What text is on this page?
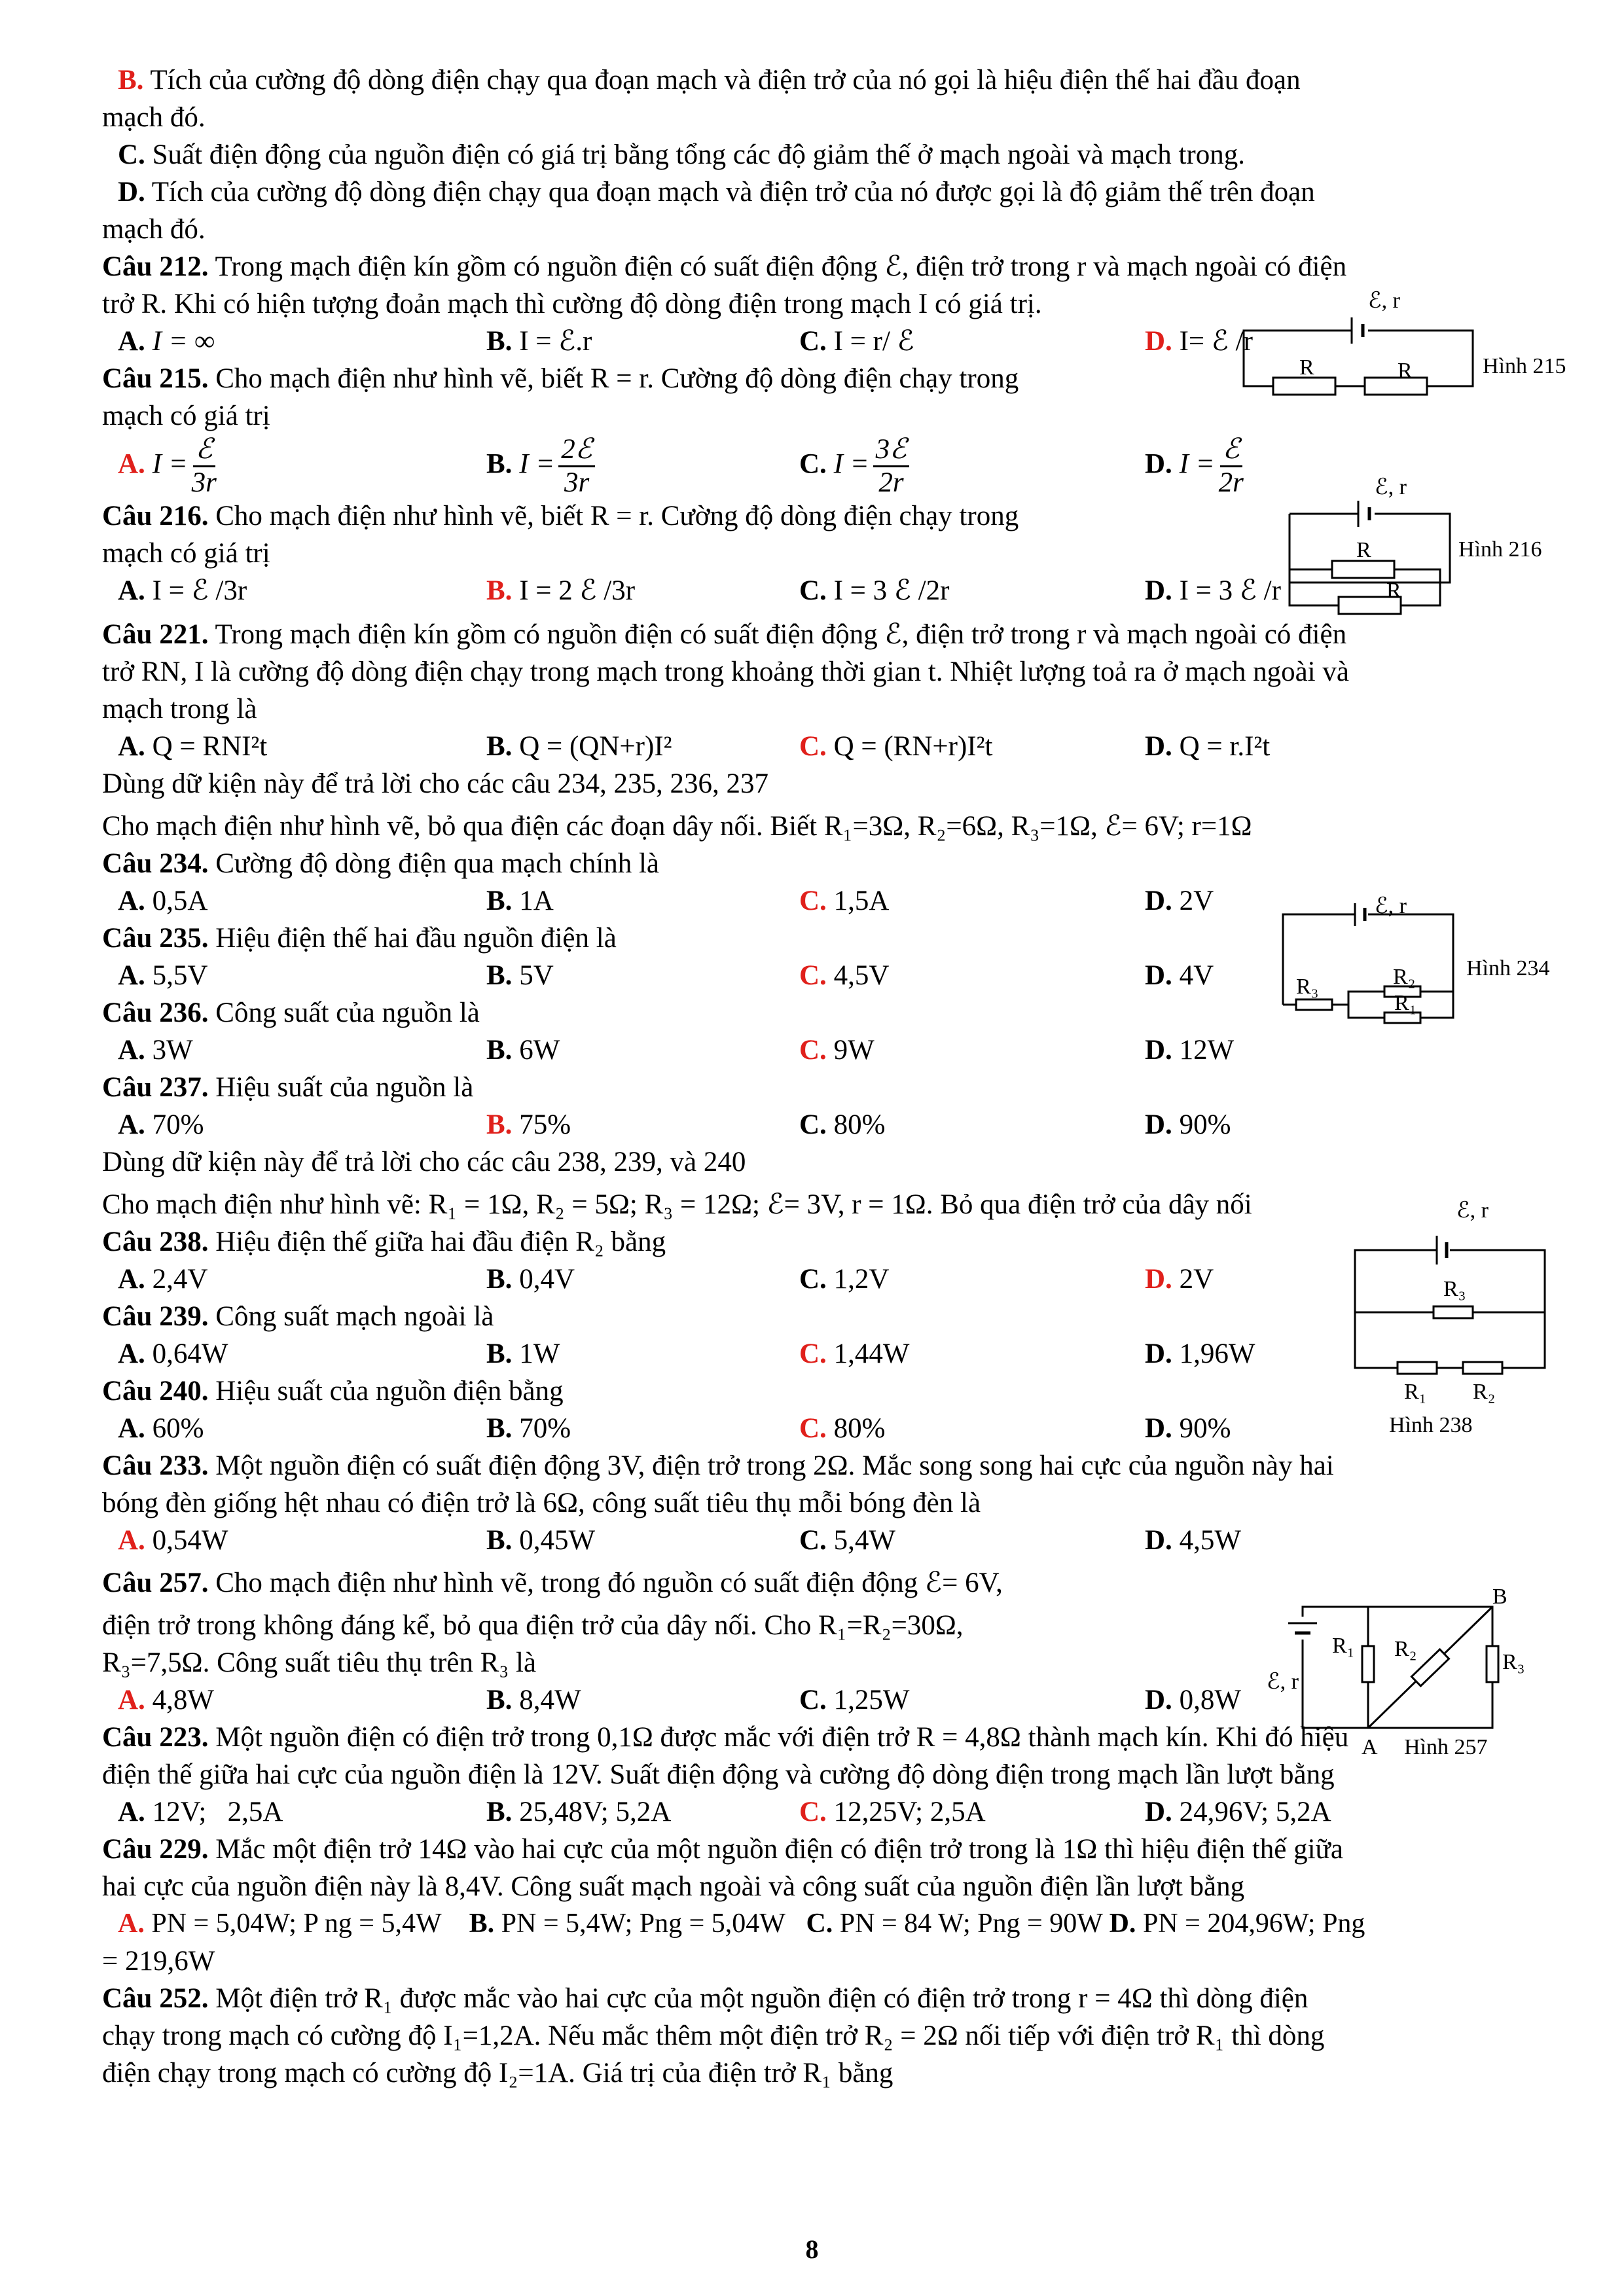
B. Tích của cường độ dòng điện chạy qua đoạn mạch và điện trở của nó gọi là hiệu điện thế hai đầu đoạn
mạch đó.
C. Suất điện động của nguồn điện có giá trị bằng tổng các độ giảm thế ở mạch ngoài và mạch trong.
D. Tích của cường độ dòng điện chạy qua đoạn mạch và điện trở của nó được gọi là độ giảm thế trên đoạn
mạch đó.
Câu 212. Trong mạch điện kín gồm có nguồn điện có suất điện động ℰ, điện trở trong r và mạch ngoài có điện
trở R. Khi có hiện tượng đoản mạch thì cường độ dòng điện trong mạch I có giá trị.
A. I = ∞	B. I = ℰ.r	C. I = r/ ℰ	D. I= ℰ /r
Câu 215. Cho mạch điện như hình vẽ, biết R = r. Cường độ dòng điện chạy trong
mạch có giá trị
A. $I = \frac{\text{ℰ}}{3r}$	B. $I = \frac{\text{2ℰ}}{3r}$	C. $I = \frac{\text{3ℰ}}{2r}$	D. $I = \frac{\text{ℰ}}{2r}$
Câu 216. Cho mạch điện như hình vẽ, biết R = r. Cường độ dòng điện chạy trong
mạch có giá trị
A. I = ℰ /3r	B. I = 2 ℰ /3r	C. I = 3 ℰ /2r	D. I = 3 ℰ /r
Câu 221. Trong mạch điện kín gồm có nguồn điện có suất điện động ℰ, điện trở trong r và mạch ngoài có điện
trở RN, I là cường độ dòng điện chạy trong mạch trong khoảng thời gian t. Nhiệt lượng toả ra ở mạch ngoài và
mạch trong là
A. Q = RNI²t	B. Q = (QN+r)I²	C. Q = (RN+r)I²t	D. Q = r.I²t
Dùng dữ kiện này để trả lời cho các câu 234, 235, 236, 237
Cho mạch điện như hình vẽ, bỏ qua điện các đoạn dây nối. Biết R₁=3Ω, R₂=6Ω, R₃=1Ω, ℰ= 6V; r=1Ω
Câu 234. Cường độ dòng điện qua mạch chính là
A. 0,5A	B. 1A	C. 1,5A	D. 2V
Câu 235. Hiệu điện thế hai đầu nguồn điện là
A. 5,5V	B. 5V	C. 4,5V	D. 4V
Câu 236. Công suất của nguồn là
A. 3W	B. 6W	C. 9W	D. 12W
Câu 237. Hiệu suất của nguồn là
A. 70%	B. 75%	C. 80%	D. 90%
Dùng dữ kiện này để trả lời cho các câu 238, 239, và 240
Cho mạch điện như hình vẽ: R₁ = 1Ω, R₂ = 5Ω; R₃ = 12Ω; ℰ= 3V, r = 1Ω. Bỏ qua điện trở của dây nối
Câu 238. Hiệu điện thế giữa hai đầu điện R₂ bằng
A. 2,4V	B. 0,4V	C. 1,2V	D. 2V
Câu 239. Công suất mạch ngoài là
A. 0,64W	B. 1W	C. 1,44W	D. 1,96W
Câu 240. Hiệu suất của nguồn điện bằng
A. 60%	B. 70%	C. 80%	D. 90%
Câu 233. Một nguồn điện có suất điện động 3V, điện trở trong 2Ω. Mắc song song hai cực của nguồn này hai
bóng đèn giống hệt nhau có điện trở là 6Ω, công suất tiêu thụ mỗi bóng đèn là
A. 0,54W	B. 0,45W	C. 5,4W	D. 4,5W
Câu 257. Cho mạch điện như hình vẽ, trong đó nguồn có suất điện động ℰ= 6V,
điện trở trong không đáng kể, bỏ qua điện trở của dây nối. Cho R₁=R₂=30Ω,
R₃=7,5Ω. Công suất tiêu thụ trên R₃ là
A. 4,8W	B. 8,4W	C. 1,25W	D. 0,8W
Câu 223. Một nguồn điện có điện trở trong 0,1Ω được mắc với điện trở R = 4,8Ω thành mạch kín. Khi đó hiệu
điện thế giữa hai cực của nguồn điện là 12V. Suất điện động và cường độ dòng điện trong mạch lần lượt bằng
A. 12V;   2,5A	B. 25,48V; 5,2A	C. 12,25V; 2,5A	D. 24,96V; 5,2A
Câu 229. Mắc một điện trở 14Ω vào hai cực của một nguồn điện có điện trở trong là 1Ω thì hiệu điện thế giữa
hai cực của nguồn điện này là 8,4V. Công suất mạch ngoài và công suất của nguồn điện lần lượt bằng
A. PN = 5,04W; P ng = 5,4W B. PN = 5,4W; Png = 5,04W C. PN = 84 W; Png = 90W D. PN = 204,96W; Png
= 219,6W
Câu 252. Một điện trở R₁ được mắc vào hai cực của một nguồn điện có điện trở trong r = 4Ω thì dòng điện
chạy trong mạch có cường độ I₁=1,2A. Nếu mắc thêm một điện trở R₂ = 2Ω nối tiếp với điện trở R₁ thì dòng
điện chạy trong mạch có cường độ I₂=1A. Giá trị của điện trở R₁ bằng
ℰ, r
R	R	Hình 215
ℰ, r
R
R
Hình 216
ℰ, r
R₃	R₂
R₁
Hình 234
ℰ, r
R₃
R₁ R₂
Hình 238
R₁ R₂
R₃
ℰ, r
B
A Hình 257
8
